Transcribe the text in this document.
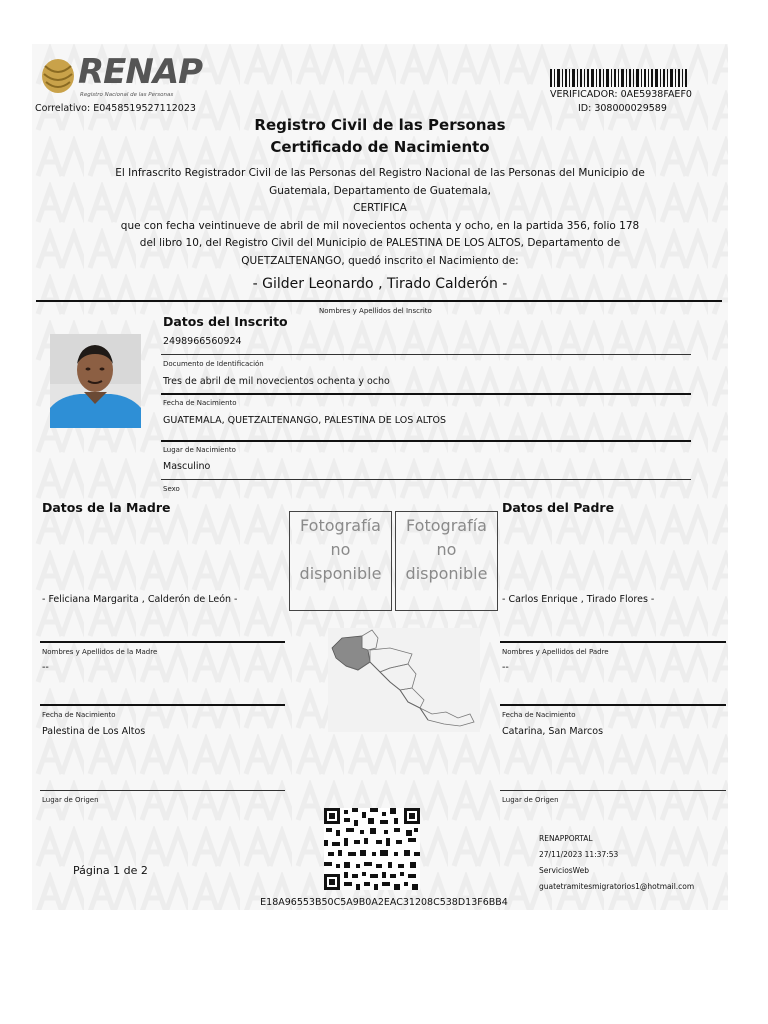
RENAP
Registro Nacional de las Personas
Correlativo: E0458519527112023
VERIFICADOR: 0AE5938FAEF0
ID: 308000029589
Registro Civil de las Personas
Certificado de Nacimiento
El Infrascrito Registrador Civil de las Personas del Registro Nacional de las Personas del Municipio de
Guatemala, Departamento de Guatemala,
CERTIFICA
que con fecha veintinueve de abril de mil novecientos ochenta y ocho, en la partida 356, folio 178
del libro 10, del Registro Civil del Municipio de PALESTINA DE LOS ALTOS, Departamento de
QUETZALTENANGO, quedó inscrito el Nacimiento de:
- Gilder Leonardo , Tirado Calderón -
Nombres y Apellidos del Inscrito
Datos del Inscrito
2498966560924
Documento de Identificación
Tres de abril de mil novecientos ochenta y ocho
Fecha de Nacimiento
GUATEMALA, QUETZALTENANGO, PALESTINA DE LOS ALTOS
Lugar de Nacimiento
Masculino
Sexo
Datos de la Madre
- Feliciana Margarita , Calderón de León -
Nombres y Apellidos de la Madre
--
Fecha de Nacimiento
Palestina de Los Altos
Lugar de Origen
Datos del Padre
- Carlos Enrique , Tirado Flores -
Nombres y Apellidos del Padre
--
Fecha de Nacimiento
Catarina, San Marcos
Lugar de Origen
Fotografía
no
disponible
Fotografía
no
disponible
Página 1 de 2
RENAPPORTAL
27/11/2023 11:37:53
ServiciosWeb
guatetramitesmigratorios1@hotmail.com
E18A96553B50C5A9B0A2EAC31208C538D13F6BB4
